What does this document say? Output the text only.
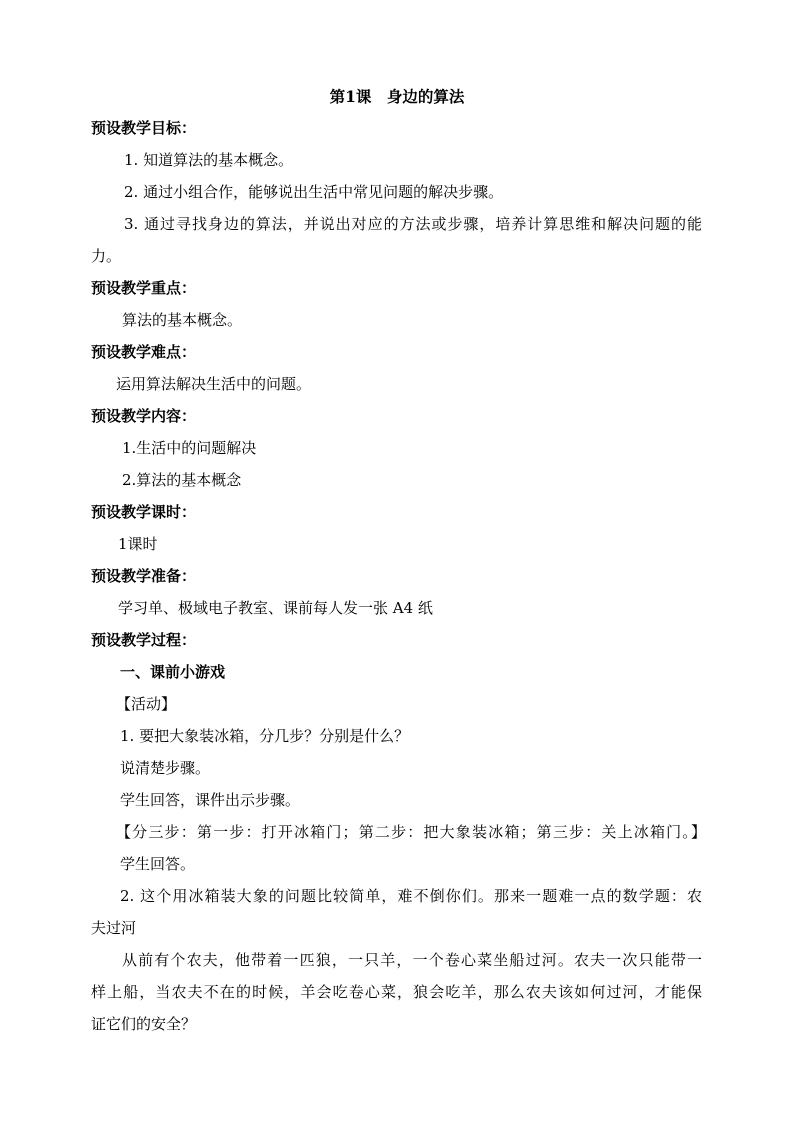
第1课　身边的算法
预设教学目标：
1. 知道算法的基本概念。
2. 通过小组合作，能够说出生活中常见问题的解决步骤。
3. 通过寻找身边的算法，并说出对应的方法或步骤，培养计算思维和解决问题的能
力。
预设教学重点：
算法的基本概念。
预设教学难点：
运用算法解决生活中的问题。
预设教学内容：
1.生活中的问题解决
2.算法的基本概念
预设教学课时：
1课时
预设教学准备：
学习单、极域电子教室、课前每人发一张 A4 纸
预设教学过程：
一、课前小游戏
【活动】
1. 要把大象装冰箱，分几步？分别是什么？
说清楚步骤。
学生回答，课件出示步骤。
【分三步：第一步：打开冰箱门；第二步：把大象装冰箱；第三步：关上冰箱门。】
学生回答。
2. 这个用冰箱装大象的问题比较简单，难不倒你们。那来一题难一点的数学题：农
夫过河
从前有个农夫，他带着一匹狼，一只羊，一个卷心菜坐船过河。农夫一次只能带一
样上船，当农夫不在的时候，羊会吃卷心菜，狼会吃羊，那么农夫该如何过河，才能保
证它们的安全？
